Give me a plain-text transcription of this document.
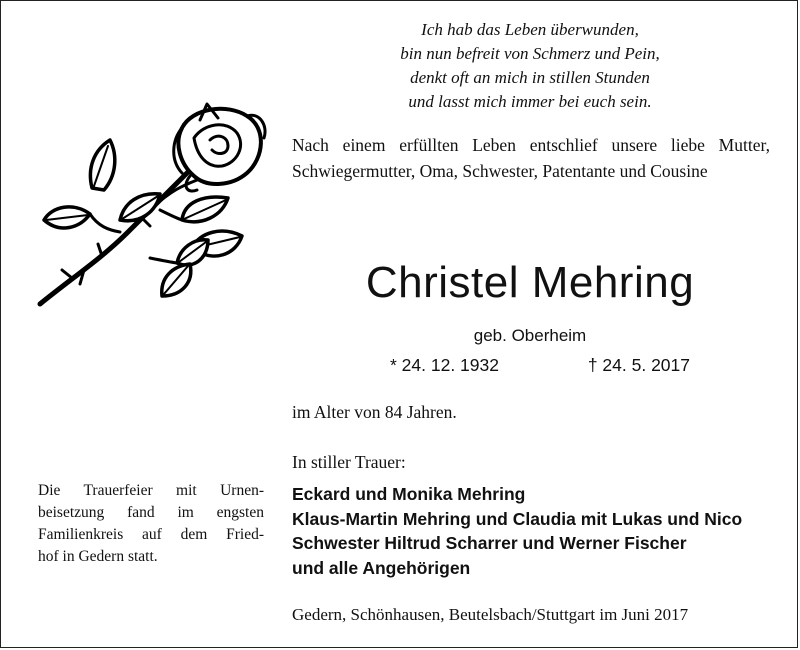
Ich hab das Leben überwunden,
bin nun befreit von Schmerz und Pein,
denkt oft an mich in stillen Stunden
und lasst mich immer bei euch sein.
Nach einem erfüllten Leben entschlief unsere liebe Mutter, Schwiegermutter, Oma, Schwester, Patentante und Cousine
Christel Mehring
geb. Oberheim
* 24. 12. 1932	† 24. 5. 2017
im Alter von 84 Jahren.
In stiller Trauer:
Eckard und Monika Mehring
Klaus-Martin Mehring und Claudia mit Lukas und Nico
Schwester Hiltrud Scharrer und Werner Fischer
und alle Angehörigen
Gedern, Schönhausen, Beutelsbach/Stuttgart im Juni 2017
Die Trauerfeier mit Urnen-
beisetzung fand im engsten
Familienkreis auf dem Fried-
hof in Gedern statt.
